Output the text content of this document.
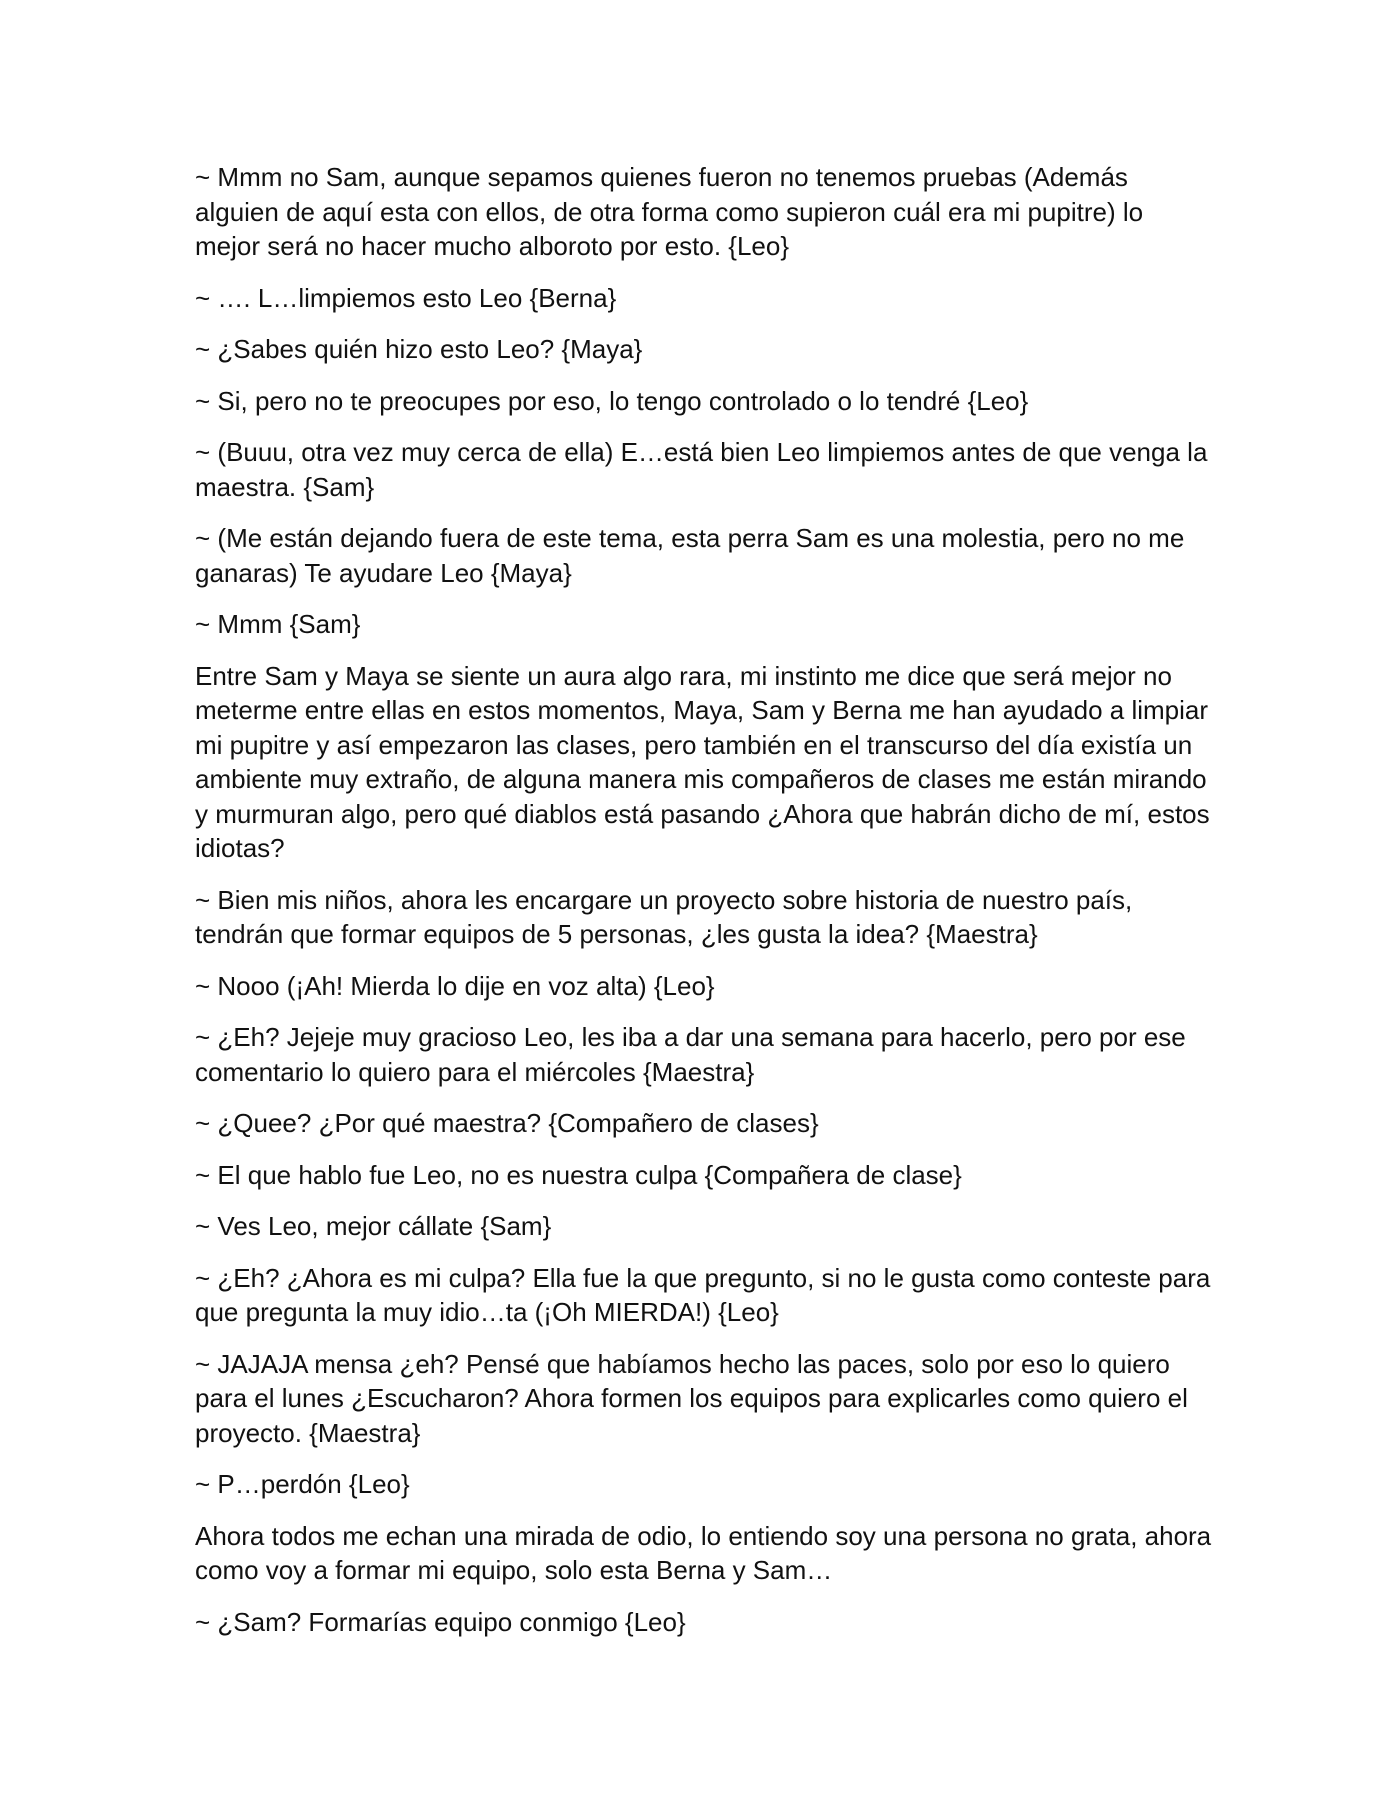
~ Mmm no Sam, aunque sepamos quienes fueron no tenemos pruebas (Además alguien de aquí esta con ellos, de otra forma como supieron cuál era mi pupitre) lo mejor será no hacer mucho alboroto por esto. {Leo}

~ …. L…limpiemos esto Leo {Berna}

~ ¿Sabes quién hizo esto Leo? {Maya}

~ Si, pero no te preocupes por eso, lo tengo controlado o lo tendré {Leo}

~ (Buuu, otra vez muy cerca de ella) E…está bien Leo limpiemos antes de que venga la maestra. {Sam}

~ (Me están dejando fuera de este tema, esta perra Sam es una molestia, pero no me ganaras) Te ayudare Leo {Maya}

~ Mmm {Sam}

Entre Sam y Maya se siente un aura algo rara, mi instinto me dice que será mejor no meterme entre ellas en estos momentos, Maya, Sam y Berna me han ayudado a limpiar mi pupitre y así empezaron las clases, pero también en el transcurso del día existía un ambiente muy extraño, de alguna manera mis compañeros de clases me están mirando y murmuran algo, pero qué diablos está pasando ¿Ahora que habrán dicho de mí, estos idiotas?

~ Bien mis niños, ahora les encargare un proyecto sobre historia de nuestro país, tendrán que formar equipos de 5 personas, ¿les gusta la idea? {Maestra}

~ Nooo (¡Ah! Mierda lo dije en voz alta) {Leo}

~ ¿Eh? Jejeje muy gracioso Leo, les iba a dar una semana para hacerlo, pero por ese comentario lo quiero para el miércoles {Maestra}

~ ¿Quee? ¿Por qué maestra? {Compañero de clases}

~ El que hablo fue Leo, no es nuestra culpa {Compañera de clase}

~ Ves Leo, mejor cállate {Sam}

~ ¿Eh? ¿Ahora es mi culpa? Ella fue la que pregunto, si no le gusta como conteste para que pregunta la muy idio…ta (¡Oh MIERDA!) {Leo}

~ JAJAJA mensa ¿eh? Pensé que habíamos hecho las paces, solo por eso lo quiero para el lunes ¿Escucharon? Ahora formen los equipos para explicarles como quiero el proyecto. {Maestra}

~ P…perdón {Leo}

Ahora todos me echan una mirada de odio, lo entiendo soy una persona no grata, ahora como voy a formar mi equipo, solo esta Berna y Sam…

~ ¿Sam? Formarías equipo conmigo {Leo}
